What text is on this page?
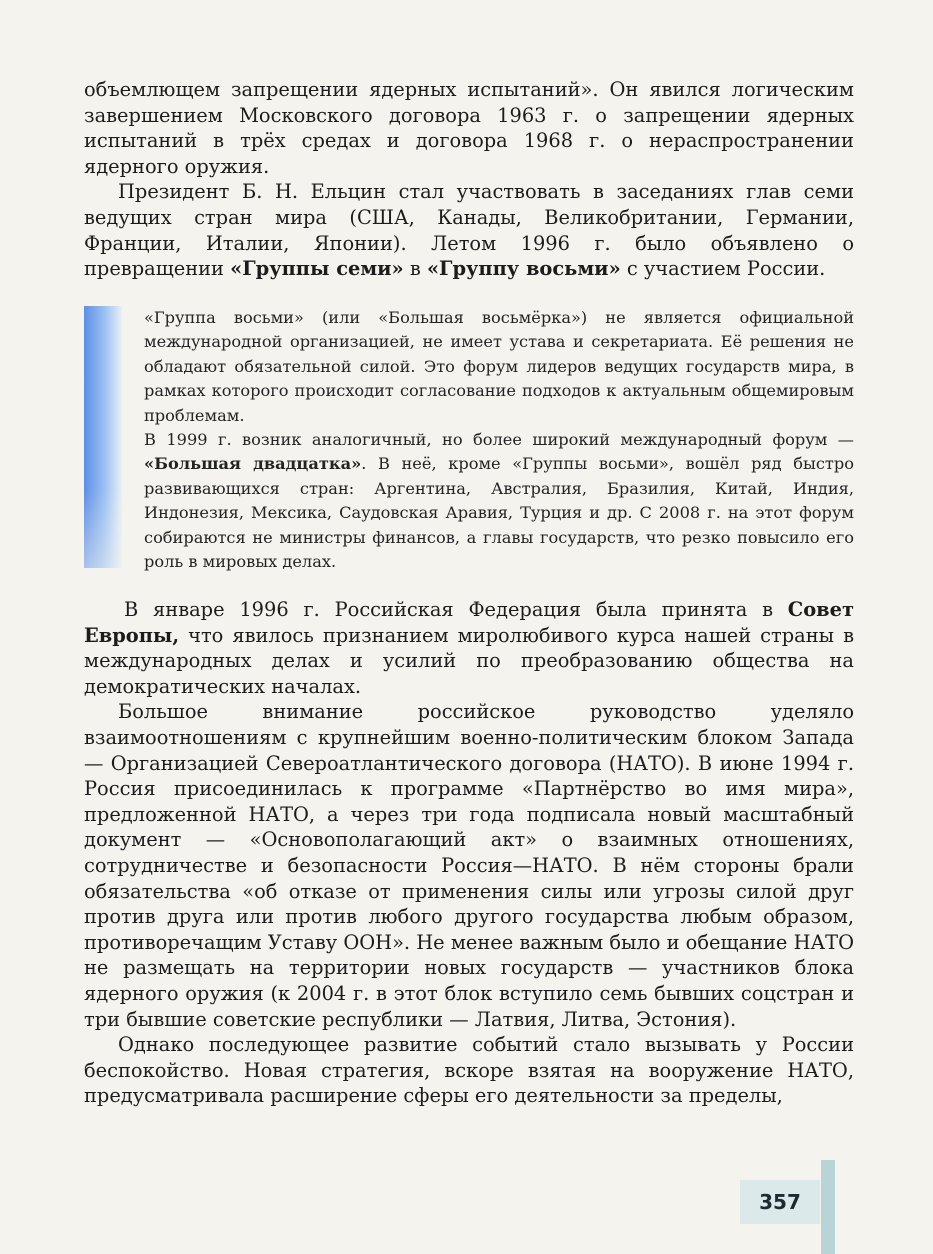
объемлющем запрещении ядерных испытаний». Он явился логическим завершением Московского договора 1963 г. о запрещении ядерных испытаний в трёх средах и договора 1968 г. о нераспространении ядерного оружия.

Президент Б. Н. Ельцин стал участвовать в заседаниях глав семи ведущих стран мира (США, Канады, Великобритании, Германии, Франции, Италии, Японии). Летом 1996 г. было объявлено о превращении «Группы семи» в «Группу восьми» с участием России.

«Группа восьми» (или «Большая восьмёрка») не является официальной международной организацией, не имеет устава и секретариата. Её решения не обладают обязательной силой. Это форум лидеров ведущих государств мира, в рамках которого происходит согласование подходов к актуальным общемировым проблемам.

В 1999 г. возник аналогичный, но более широкий международный форум — «Большая двадцатка». В неё, кроме «Группы восьми», вошёл ряд быстро развивающихся стран: Аргентина, Австралия, Бразилия, Китай, Индия, Индонезия, Мексика, Саудовская Аравия, Турция и др. С 2008 г. на этот форум собираются не министры финансов, а главы государств, что резко повысило его роль в мировых делах.

В январе 1996 г. Российская Федерация была принята в Совет Европы, что явилось признанием миролюбивого курса нашей страны в международных делах и усилий по преобразованию общества на демократических началах.

Большое внимание российское руководство уделяло взаимоотношениям с крупнейшим военно-политическим блоком Запада — Организацией Североатлантического договора (НАТО). В июне 1994 г. Россия присоединилась к программе «Партнёрство во имя мира», предложенной НАТО, а через три года подписала новый масштабный документ — «Основополагающий акт» о взаимных отношениях, сотрудничестве и безопасности Россия—НАТО. В нём стороны брали обязательства «об отказе от применения силы или угрозы силой друг против друга или против любого другого государства любым образом, противоречащим Уставу ООН». Не менее важным было и обещание НАТО не размещать на территории новых государств — участников блока ядерного оружия (к 2004 г. в этот блок вступило семь бывших соцстран и три бывшие советские республики — Латвия, Литва, Эстония).

Однако последующее развитие событий стало вызывать у России беспокойство. Новая стратегия, вскоре взятая на вооружение НАТО, предусматривала расширение сферы его деятельности за пределы,

357
